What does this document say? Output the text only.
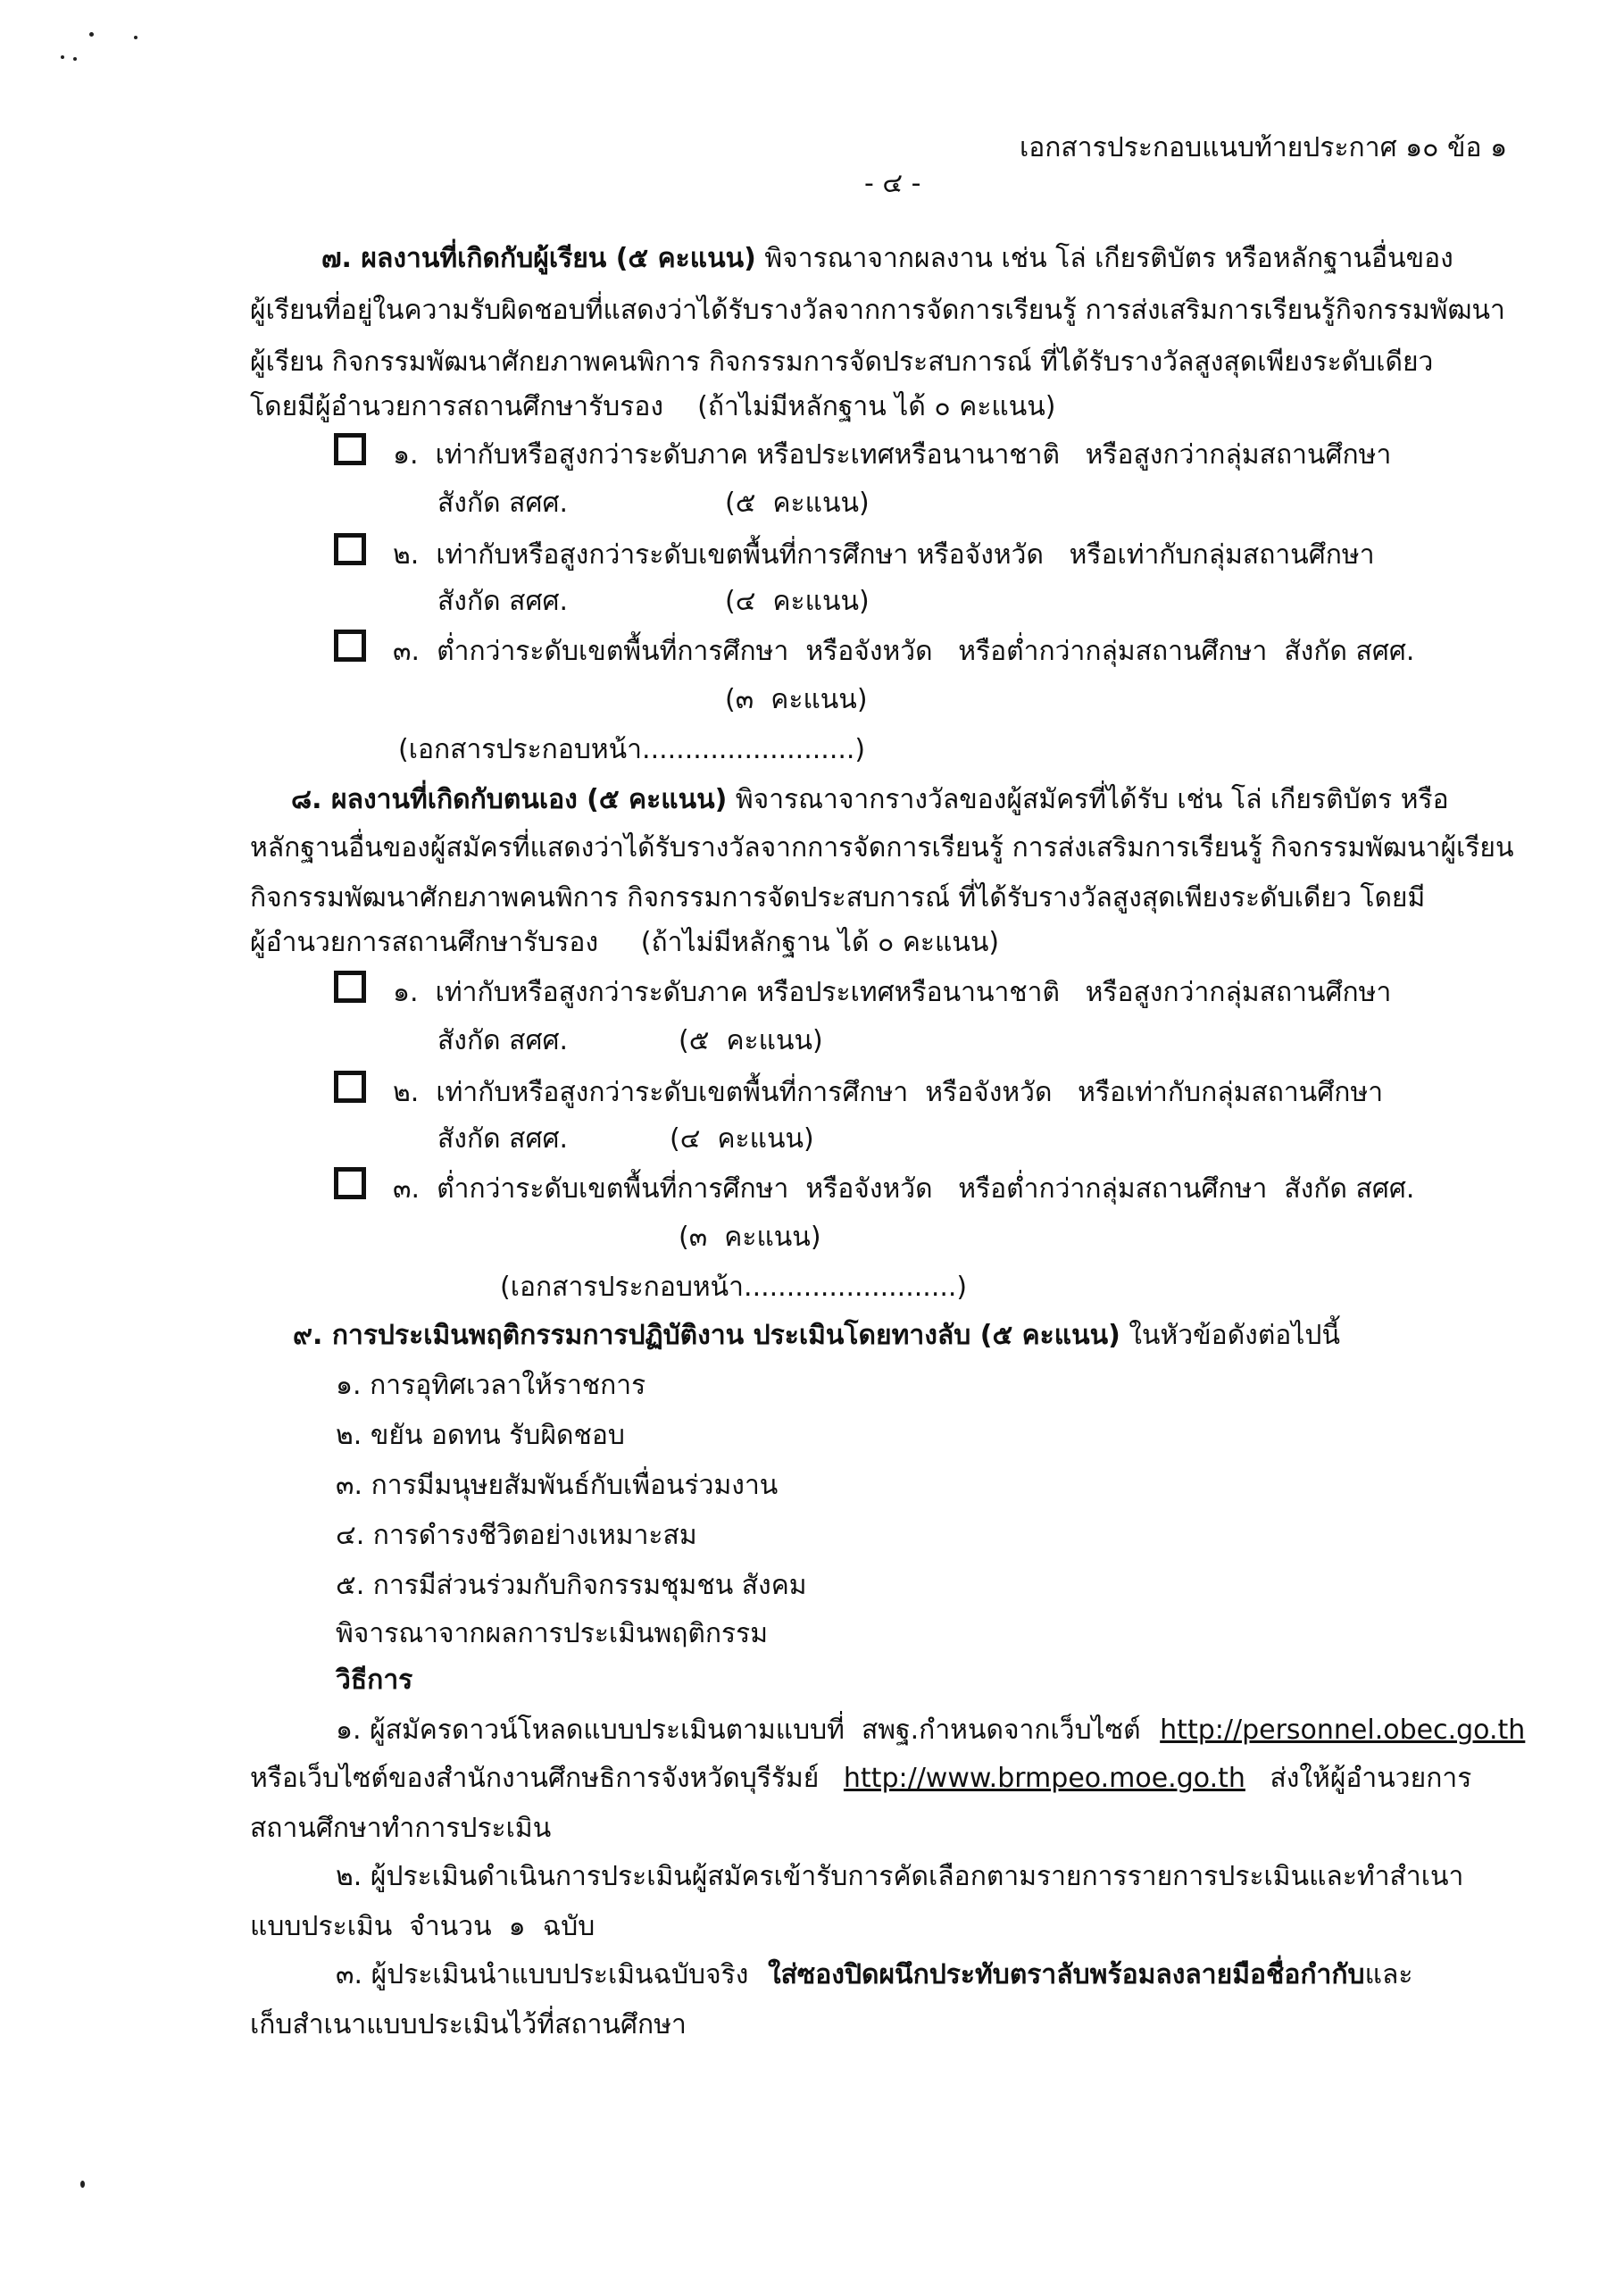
เอกสารประกอบแนบท้ายประกาศ ๑๐ ข้อ ๑
- ๔ -
๗. ผลงานที่เกิดกับผู้เรียน (๕ คะแนน) พิจารณาจากผลงาน เช่น โล่ เกียรติบัตร หรือหลักฐานอื่นของ
ผู้เรียนที่อยู่ในความรับผิดชอบที่แสดงว่าได้รับรางวัลจากการจัดการเรียนรู้ การส่งเสริมการเรียนรู้กิจกรรมพัฒนา
ผู้เรียน กิจกรรมพัฒนาศักยภาพคนพิการ กิจกรรมการจัดประสบการณ์ ที่ได้รับรางวัลสูงสุดเพียงระดับเดียว
โดยมีผู้อำนวยการสถานศึกษารับรอง    (ถ้าไม่มีหลักฐาน ได้ ๐ คะแนน)
๑.  เท่ากับหรือสูงกว่าระดับภาค หรือประเทศหรือนานาชาติ   หรือสูงกว่ากลุ่มสถานศึกษา
สังกัด สศศ.	(๕  คะแนน)
๒.  เท่ากับหรือสูงกว่าระดับเขตพื้นที่การศึกษา หรือจังหวัด   หรือเท่ากับกลุ่มสถานศึกษา
สังกัด สศศ.	(๔  คะแนน)
๓.  ต่ำกว่าระดับเขตพื้นที่การศึกษา  หรือจังหวัด   หรือต่ำกว่ากลุ่มสถานศึกษา  สังกัด สศศ.
(๓  คะแนน)
(เอกสารประกอบหน้า.........................)
๘. ผลงานที่เกิดกับตนเอง (๕ คะแนน) พิจารณาจากรางวัลของผู้สมัครที่ได้รับ เช่น โล่ เกียรติบัตร หรือ
หลักฐานอื่นของผู้สมัครที่แสดงว่าได้รับรางวัลจากการจัดการเรียนรู้ การส่งเสริมการเรียนรู้ กิจกรรมพัฒนาผู้เรียน
กิจกรรมพัฒนาศักยภาพคนพิการ กิจกรรมการจัดประสบการณ์ ที่ได้รับรางวัลสูงสุดเพียงระดับเดียว โดยมี
ผู้อำนวยการสถานศึกษารับรอง     (ถ้าไม่มีหลักฐาน ได้ ๐ คะแนน)
๑.  เท่ากับหรือสูงกว่าระดับภาค หรือประเทศหรือนานาชาติ   หรือสูงกว่ากลุ่มสถานศึกษา
สังกัด สศศ.	(๕  คะแนน)
๒.  เท่ากับหรือสูงกว่าระดับเขตพื้นที่การศึกษา  หรือจังหวัด   หรือเท่ากับกลุ่มสถานศึกษา
สังกัด สศศ.	(๔  คะแนน)
๓.  ต่ำกว่าระดับเขตพื้นที่การศึกษา  หรือจังหวัด   หรือต่ำกว่ากลุ่มสถานศึกษา  สังกัด สศศ.
(๓  คะแนน)
(เอกสารประกอบหน้า.........................)
๙. การประเมินพฤติกรรมการปฏิบัติงาน ประเมินโดยทางลับ (๕ คะแนน) ในหัวข้อดังต่อไปนี้
๑. การอุทิศเวลาให้ราชการ
๒. ขยัน อดทน รับผิดชอบ
๓. การมีมนุษยสัมพันธ์กับเพื่อนร่วมงาน
๔. การดำรงชีวิตอย่างเหมาะสม
๕. การมีส่วนร่วมกับกิจกรรมชุมชน สังคม
พิจารณาจากผลการประเมินพฤติกรรม
วิธีการ
๑. ผู้สมัครดาวน์โหลดแบบประเมินตามแบบที่  สพฐ.กำหนดจากเว็บไซต์ http://personnel.obec.go.th
หรือเว็บไซต์ของสำนักงานศึกษธิการจังหวัดบุรีรัมย์ http://www.brmpeo.moe.go.th ส่งให้ผู้อำนวยการ
สถานศึกษาทำการประเมิน
๒. ผู้ประเมินดำเนินการประเมินผู้สมัครเข้ารับการคัดเลือกตามรายการรายการประเมินและทำสำเนา
แบบประเมิน  จำนวน  ๑  ฉบับ
๓. ผู้ประเมินนำแบบประเมินฉบับจริง ใส่ซองปิดผนึกประทับตราลับพร้อมลงลายมือชื่อกำกับและ
เก็บสำเนาแบบประเมินไว้ที่สถานศึกษา
